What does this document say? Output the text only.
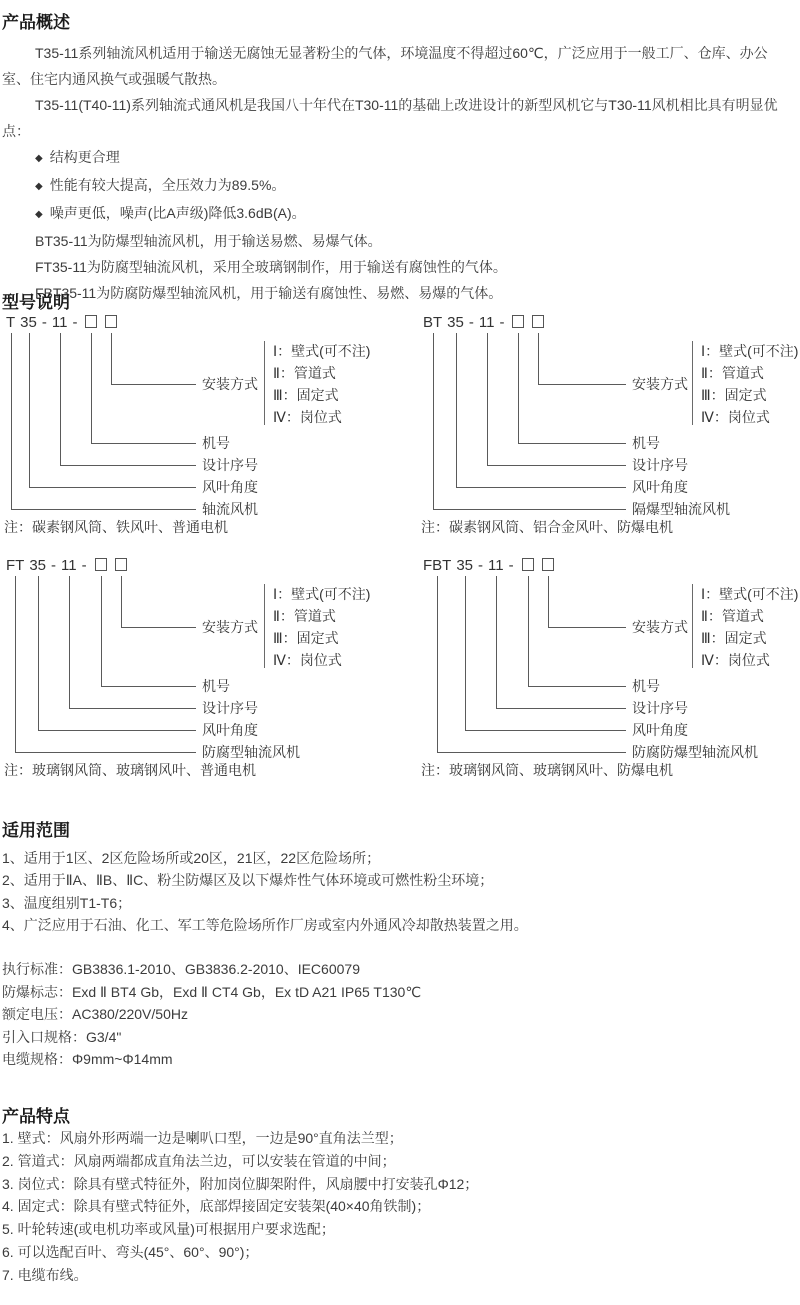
产品概述

T35-11系列轴流风机适用于输送无腐蚀无显著粉尘的气体，环境温度不得超过60℃，广泛应用于一般工厂、仓库、办公室、住宅内通风换气或强暖气散热。

T35-11(T40-11)系列轴流式通风机是我国八十年代在T30-11的基础上改进设计的新型风机它与T30-11风机相比具有明显优点：

◆ 结构更合理
◆ 性能有较大提高，全压效力为89.5%。
◆ 噪声更低，噪声(比A声级)降低3.6dB(A)。
BT35-11为防爆型轴流风机，用于输送易燃、易爆气体。
FT35-11为防腐型轴流风机，采用全玻璃钢制作，用于输送有腐蚀性的气体。
FBT35-11为防腐防爆型轴流风机，用于输送有腐蚀性、易燃、易爆的气体。
型号说明
T 35 - 11 -
安装方式
机号
设计序号
风叶角度
轴流风机
Ⅰ：壁式(可不注)
Ⅱ：管道式
Ⅲ：固定式
Ⅳ：岗位式
注：碳素钢风筒、铁风叶、普通电机
BT 35 - 11 -
安装方式
机号
设计序号
风叶角度
隔爆型轴流风机
Ⅰ：壁式(可不注)
Ⅱ：管道式
Ⅲ：固定式
Ⅳ：岗位式
注：碳素钢风筒、铝合金风叶、防爆电机
FT 35 - 11 -
安装方式
机号
设计序号
风叶角度
防腐型轴流风机
Ⅰ：壁式(可不注)
Ⅱ：管道式
Ⅲ：固定式
Ⅳ：岗位式
注：玻璃钢风筒、玻璃钢风叶、普通电机
FBT 35 - 11 -
安装方式
机号
设计序号
风叶角度
防腐防爆型轴流风机
Ⅰ：壁式(可不注)
Ⅱ：管道式
Ⅲ：固定式
Ⅳ：岗位式
注：玻璃钢风筒、玻璃钢风叶、防爆电机
适用范围
1、适用于1区、2区危险场所或20区，21区，22区危险场所；
2、适用于ⅡA、ⅡB、ⅡC、粉尘防爆区及以下爆炸性气体环境或可燃性粉尘环境；
3、温度组别T1-T6；
4、广泛应用于石油、化工、军工等危险场所作厂房或室内外通风冷却散热装置之用。
执行标准：GB3836.1-2010、GB3836.2-2010、IEC60079
防爆标志：Exd Ⅱ BT4 Gb，Exd Ⅱ CT4 Gb，Ex tD A21 IP65 T130℃
额定电压：AC380/220V/50Hz
引入口规格：G3/4"
电缆规格：Φ9mm~Φ14mm
产品特点
1. 壁式：风扇外形两端一边是喇叭口型，一边是90°直角法兰型；
2. 管道式：风扇两端都成直角法兰边，可以安装在管道的中间；
3. 岗位式：除具有壁式特征外，附加岗位脚架附件，风扇腰中打安装孔Φ12；
4. 固定式：除具有壁式特征外，底部焊接固定安装架(40×40角铁制)；
5. 叶轮转速(或电机功率或风量)可根据用户要求选配；
6. 可以选配百叶、弯头(45°、60°、90°)；
7. 电缆布线。
